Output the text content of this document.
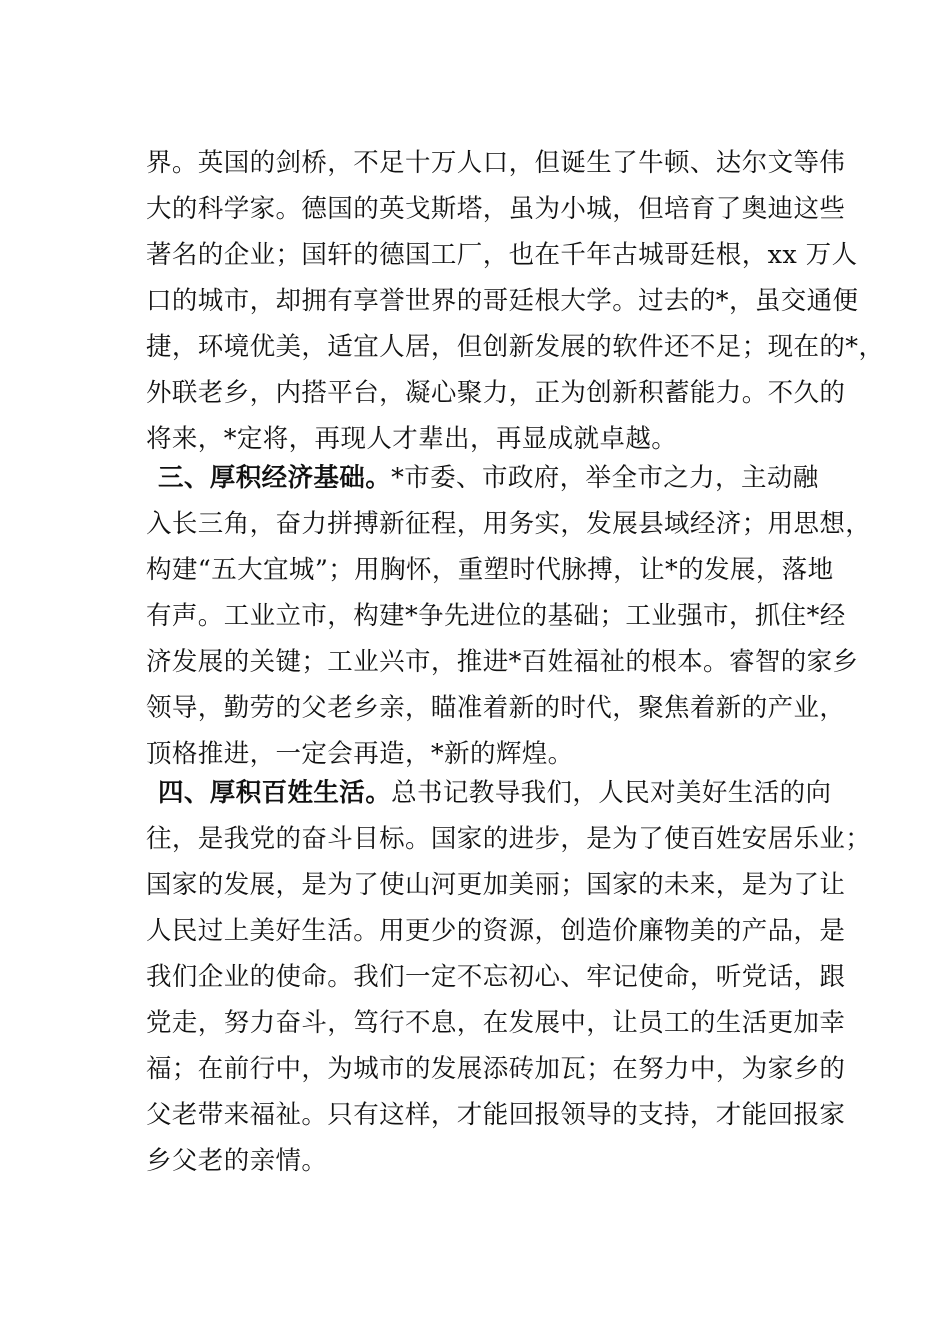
界。英国的剑桥，不足十万人口，但诞生了牛顿、达尔文等伟
大的科学家。德国的英戈斯塔，虽为小城，但培育了奥迪这些
著名的企业；国轩的德国工厂，也在千年古城哥廷根，xx 万人
口的城市，却拥有享誉世界的哥廷根大学。过去的*，虽交通便
捷，环境优美，适宜人居，但创新发展的软件还不足；现在的*，
外联老乡，内搭平台，凝心聚力，正为创新积蓄能力。不久的
将来，*定将，再现人才辈出，再显成就卓越。
三、厚积经济基础。*市委、市政府，举全市之力，主动融
入长三角，奋力拼搏新征程，用务实，发展县域经济；用思想，
构建“五大宜城”；用胸怀，重塑时代脉搏，让*的发展，落地
有声。工业立市，构建*争先进位的基础；工业强市，抓住*经
济发展的关键；工业兴市，推进*百姓福祉的根本。睿智的家乡
领导，勤劳的父老乡亲，瞄准着新的时代，聚焦着新的产业，
顶格推进，一定会再造，*新的辉煌。
四、厚积百姓生活。总书记教导我们，人民对美好生活的向
往，是我党的奋斗目标。国家的进步，是为了使百姓安居乐业；
国家的发展，是为了使山河更加美丽；国家的未来，是为了让
人民过上美好生活。用更少的资源，创造价廉物美的产品，是
我们企业的使命。我们一定不忘初心、牢记使命，听党话，跟
党走，努力奋斗，笃行不息，在发展中，让员工的生活更加幸
福；在前行中，为城市的发展添砖加瓦；在努力中，为家乡的
父老带来福祉。只有这样，才能回报领导的支持，才能回报家
乡父老的亲情。
